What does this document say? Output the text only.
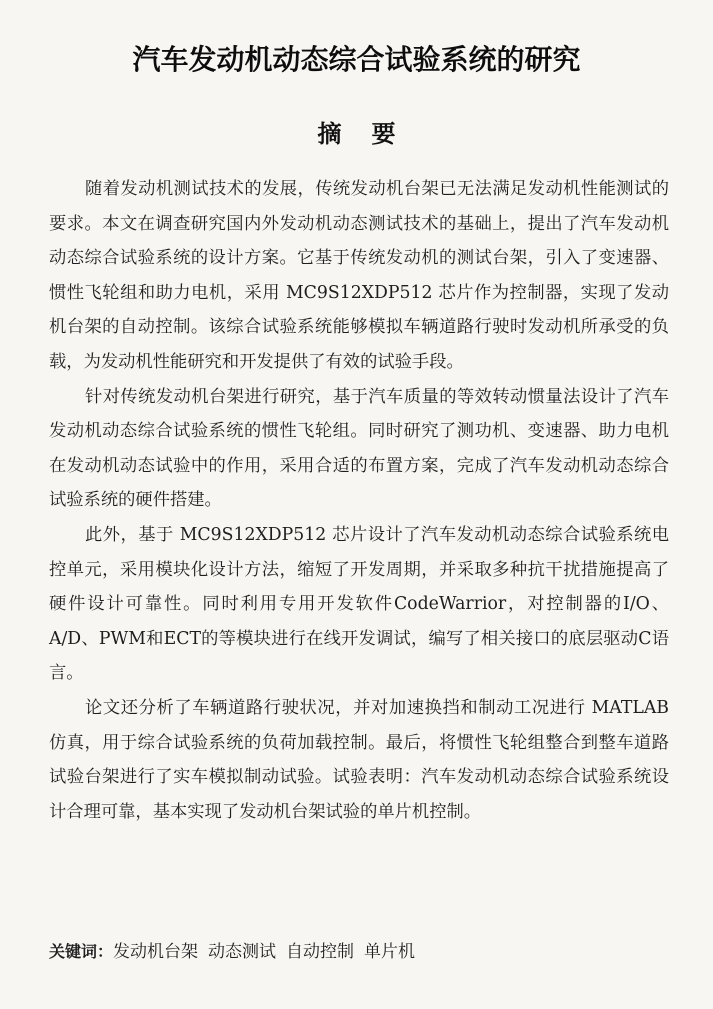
汽车发动机动态综合试验系统的研究
摘要

随着发动机测试技术的发展，传统发动机台架已无法满足发动机性能测试的要求。本文在调查研究国内外发动机动态测试技术的基础上，提出了汽车发动机动态综合试验系统的设计方案。它基于传统发动机的测试台架，引入了变速器、惯性飞轮组和助力电机，采用 MC9S12XDP512 芯片作为控制器，实现了发动机台架的自动控制。该综合试验系统能够模拟车辆道路行驶时发动机所承受的负载，为发动机性能研究和开发提供了有效的试验手段。

针对传统发动机台架进行研究，基于汽车质量的等效转动惯量法设计了汽车发动机动态综合试验系统的惯性飞轮组。同时研究了测功机、变速器、助力电机在发动机动态试验中的作用，采用合适的布置方案，完成了汽车发动机动态综合试验系统的硬件搭建。

此外，基于 MC9S12XDP512 芯片设计了汽车发动机动态综合试验系统电控单元，采用模块化设计方法，缩短了开发周期，并采取多种抗干扰措施提高了硬件设计可靠性。同时利用专用开发软件CodeWarrior，对控制器的I/O、A/D、PWM和ECT的等模块进行在线开发调试，编写了相关接口的底层驱动C语言。

论文还分析了车辆道路行驶状况，并对加速换挡和制动工况进行 MATLAB 仿真，用于综合试验系统的负荷加载控制。最后，将惯性飞轮组整合到整车道路试验台架进行了实车模拟制动试验。试验表明：汽车发动机动态综合试验系统设计合理可靠，基本实现了发动机台架试验的单片机控制。

关键词：发动机台架 动态测试 自动控制 单片机
